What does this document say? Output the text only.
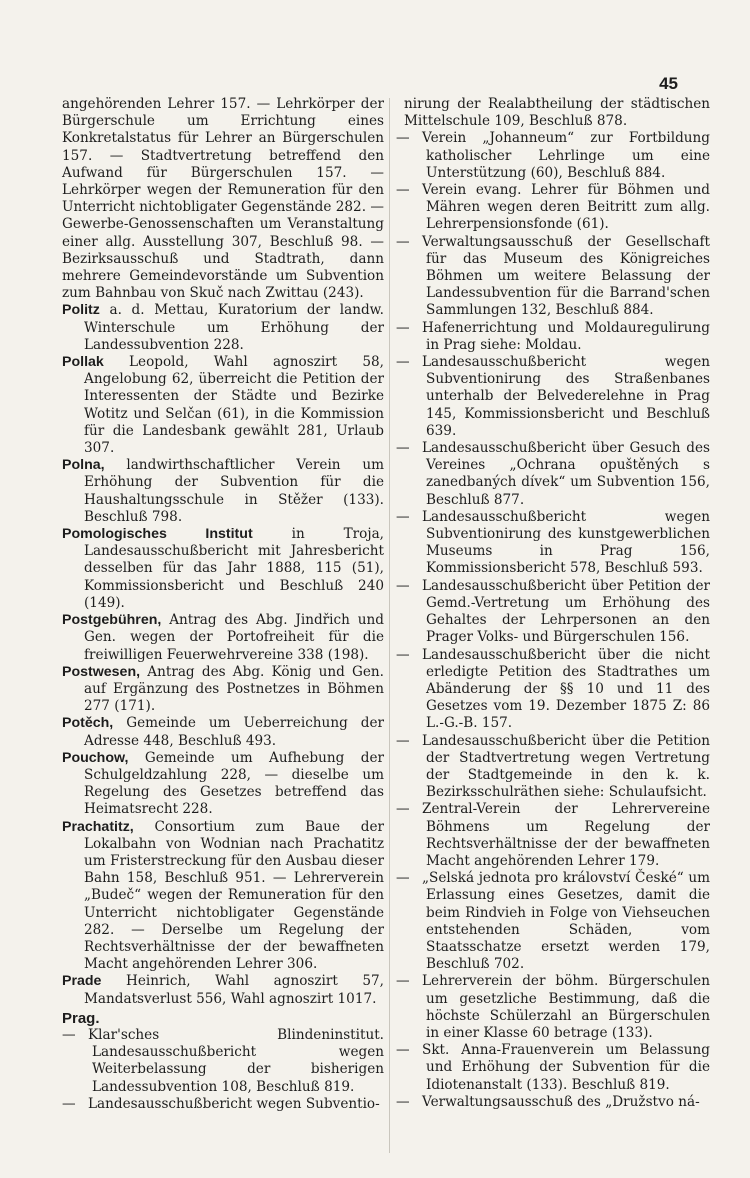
45

angehörenden Lehrer 157. — Lehrkörper der Bürgerschule um Errichtung eines Konkretalstatus für Lehrer an Bürgerschulen 157. — Stadtvertretung betreffend den Aufwand für Bürgerschulen 157. — Lehrkörper wegen der Remuneration für den Unterricht nichtobligater Gegenstände 282. — Gewerbe-Genossenschaften um Veranstaltung einer allg. Ausstellung 307, Beschluß 98. — Bezirksausschuß und Stadtrath, dann mehrere Gemeindevorstände um Subvention zum Bahnbau von Skuč nach Zwittau (243).

Politz a. d. Mettau, Kuratorium der landw. Winterschule um Erhöhung der Landessubvention 228.

Pollak Leopold, Wahl agnoszirt 58, Angelobung 62, überreicht die Petition der Interessenten der Städte und Bezirke Wotitz und Selčan (61), in die Kommission für die Landesbank gewählt 281, Urlaub 307.

Polna, landwirthschaftlicher Verein um Erhöhung der Subvention für die Haushaltungsschule in Stěžer (133). Beschluß 798.

Pomologisches Institut	in Troja, Landesausschußbericht mit Jahresbericht desselben für das Jahr 1888, 115 (51), Kommissionsbericht und Beschluß 240 (149).

Postgebühren, Antrag des Abg. Jindřich und Gen. wegen der Portofreiheit für die freiwilligen Feuerwehrvereine 338 (198).

Postwesen, Antrag des Abg. König und Gen. auf Ergänzung des Postnetzes in Böhmen 277 (171).

Potěch, Gemeinde um Ueberreichung der Adresse 448, Beschluß 493.

Pouchow, Gemeinde um Aufhebung der Schulgeldzahlung 228, — dieselbe um Regelung des Gesetzes betreffend das Heimatsrecht 228.

Prachatitz, Consortium zum Baue der Lokalbahn von Wodnian nach Prachatitz um Fristerstreckung für den Ausbau dieser Bahn 158, Beschluß 951. — Lehrerverein „Budeč“ wegen der Remuneration für den Unterricht nichtobligater Gegenstände 282. — Derselbe um Regelung der Rechtsverhältnisse der der bewaffneten Macht angehörenden Lehrer 306.

Prade Heinrich, Wahl agnoszirt 57, Mandatsverlust 556, Wahl agnoszirt 1017.

Prag.

— Klar'sches Blindeninstitut. Landesausschußbericht wegen Weiterbelassung der bisherigen Landessubvention 108, Beschluß 819.

— Landesausschußbericht wegen Subventio-

nirung der Realabtheilung der städtischen Mittelschule 109, Beschluß 878.

— Verein „Johanneum“ zur Fortbildung katholischer Lehrlinge um eine Unterstützung (60), Beschluß 884.

— Verein evang. Lehrer für Böhmen und Mähren wegen deren Beitritt zum allg. Lehrerpensionsfonde (61).

— Verwaltungsausschuß der Gesellschaft für das Museum des Königreiches Böhmen um weitere Belassung der Landessubvention für die Barrand'schen Sammlungen 132, Beschluß 884.

— Hafenerrichtung und Moldauregulirung in Prag siehe: Moldau.

— Landesausschußbericht wegen Subventionirung des Straßenbanes unterhalb der Belvederelehne in Prag 145, Kommissionsbericht und Beschluß 639.

— Landesausschußbericht über Gesuch des Vereines „Ochrana opuštěných s zanedbaných dívek“ um Subvention 156, Beschluß 877.

— Landesausschußbericht wegen Subventionirung des kunstgewerblichen Museums in Prag 156, Kommissionsbericht 578, Beschluß 593.

— Landesausschußbericht über Petition der Gemd.-Vertretung um Erhöhung des Gehaltes der Lehrpersonen an den Prager Volks- und Bürgerschulen 156.

— Landesausschußbericht über die nicht erledigte Petition des Stadtrathes um Abänderung der §§ 10 und 11 des Gesetzes vom 19. Dezember 1875 Z: 86 L.-G.-B. 157.

— Landesausschußbericht über die Petition der Stadtvertretung wegen Vertretung der Stadtgemeinde in den k. k. Bezirksschulräthen siehe: Schulaufsicht.

— Zentral-Verein der Lehrervereine Böhmens um Regelung der Rechtsverhältnisse der der bewaffneten Macht angehörenden Lehrer 179.

— „Selská jednota pro království České“ um Erlassung eines Gesetzes, damit die beim Rindvieh in Folge von Viehseuchen entstehenden Schäden, vom Staatsschatze ersetzt werden 179, Beschluß 702.

— Lehrerverein der böhm. Bürgerschulen um gesetzliche Bestimmung, daß die höchste Schülerzahl an Bürgerschulen in einer Klasse 60 betrage (133).

— Skt. Anna-Frauenverein um Belassung und Erhöhung der Subvention für die Idiotenanstalt (133). Beschluß 819.

— Verwaltungsausschuß des „Družstvo ná-
